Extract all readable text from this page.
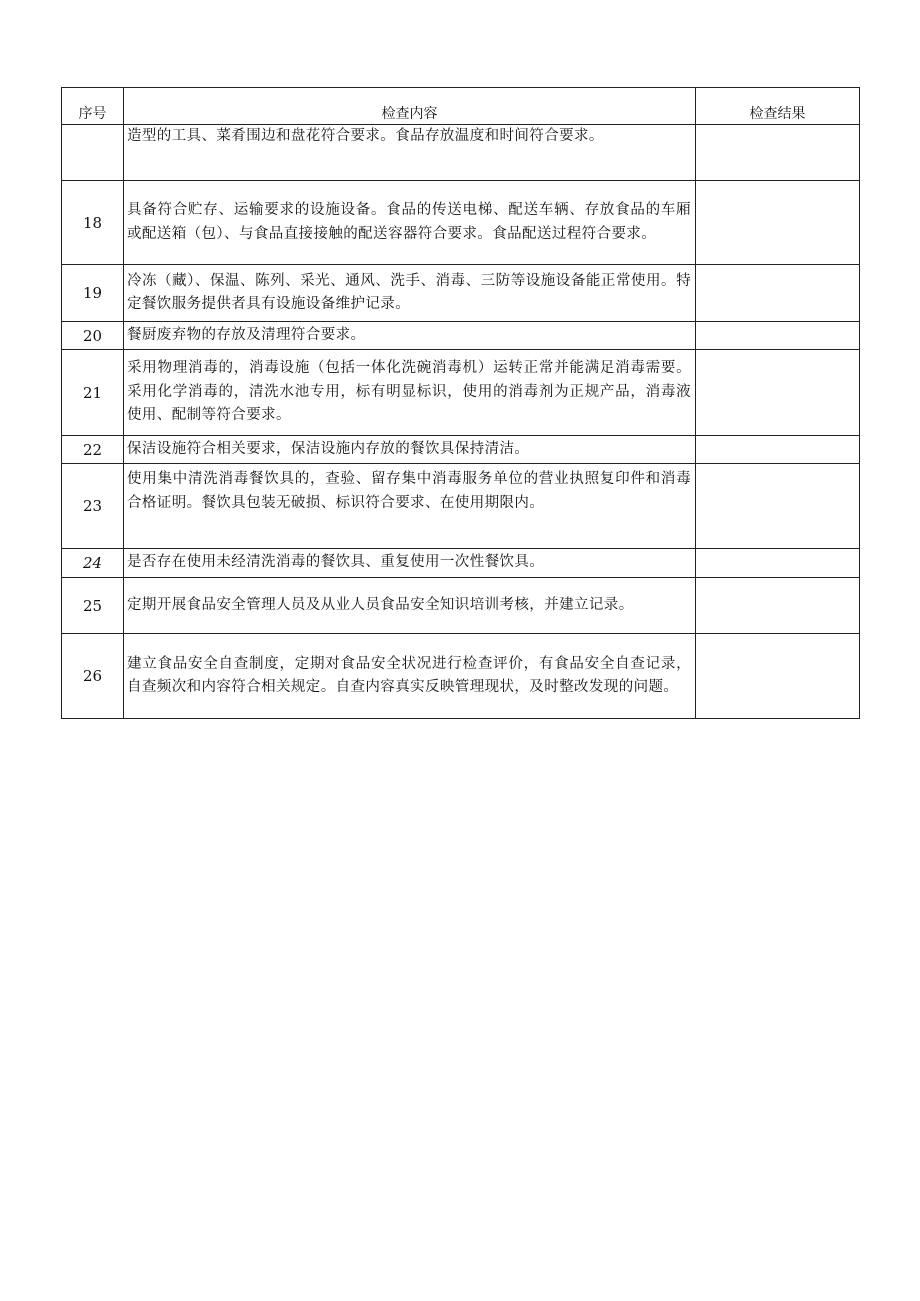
序号	检查内容	检查结果
	造型的工具、菜肴围边和盘花符合要求。食品存放温度和时间符合要求。	
18	具备符合贮存、运输要求的设施设备。食品的传送电梯、配送车辆、存放食品的车厢或配送箱（包）、与食品直接接触的配送容器符合要求。食品配送过程符合要求。	
19	冷冻（藏）、保温、陈列、采光、通风、洗手、消毒、三防等设施设备能正常使用。特定餐饮服务提供者具有设施设备维护记录。	
20	餐厨废弃物的存放及清理符合要求。	
21	采用物理消毒的，消毒设施（包括一体化洗碗消毒机）运转正常并能满足消毒需要。采用化学消毒的，清洗水池专用，标有明显标识，使用的消毒剂为正规产品，消毒液使用、配制等符合要求。	
22	保洁设施符合相关要求，保洁设施内存放的餐饮具保持清洁。	
23	使用集中清洗消毒餐饮具的，查验、留存集中消毒服务单位的营业执照复印件和消毒合格证明。餐饮具包装无破损、标识符合要求、在使用期限内。	
24	是否存在使用未经清洗消毒的餐饮具、重复使用一次性餐饮具。	
25	定期开展食品安全管理人员及从业人员食品安全知识培训考核，并建立记录。	
26	建立食品安全自查制度，定期对食品安全状况进行检查评价，有食品安全自查记录，自查频次和内容符合相关规定。自查内容真实反映管理现状，及时整改发现的问题。	
